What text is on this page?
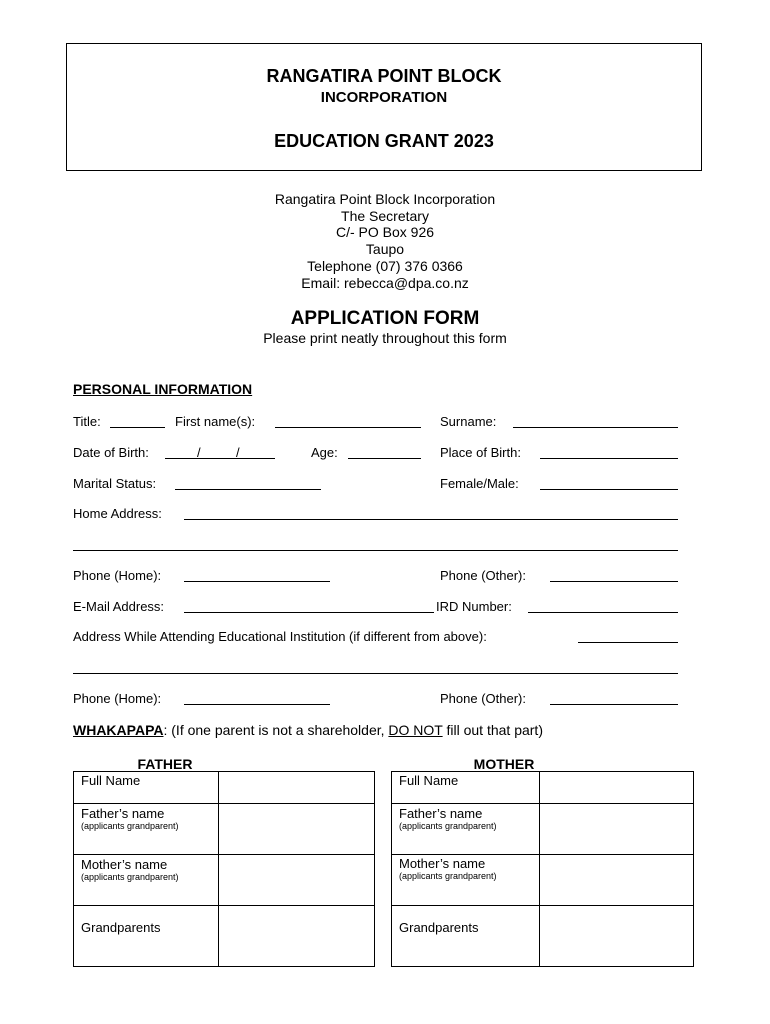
RANGATIRA POINT BLOCK
INCORPORATION
EDUCATION GRANT 2023
Rangatira Point Block Incorporation
The Secretary
C/- PO Box 926
Taupo
Telephone (07) 376 0366
Email: rebecca@dpa.co.nz
APPLICATION FORM
Please print neatly throughout this form
PERSONAL INFORMATION
Title:	First name(s):	Surname:
Date of Birth:	/	/	Age:	Place of Birth:
Marital Status:	Female/Male:
Home Address:
Phone (Home):	Phone (Other):
E-Mail Address:	IRD Number:
Address While Attending Educational Institution (if different from above):
Phone (Home):	Phone (Other):
WHAKAPAPA: (If one parent is not a shareholder, DO NOT fill out that part)
FATHER	MOTHER
Full Name	

Father’s name
(applicants grandparent)	

Mother’s name
(applicants grandparent)	

Grandparents	

Full Name	

Father’s name
(applicants grandparent)	

Mother’s name
(applicants grandparent)	

Grandparents	
